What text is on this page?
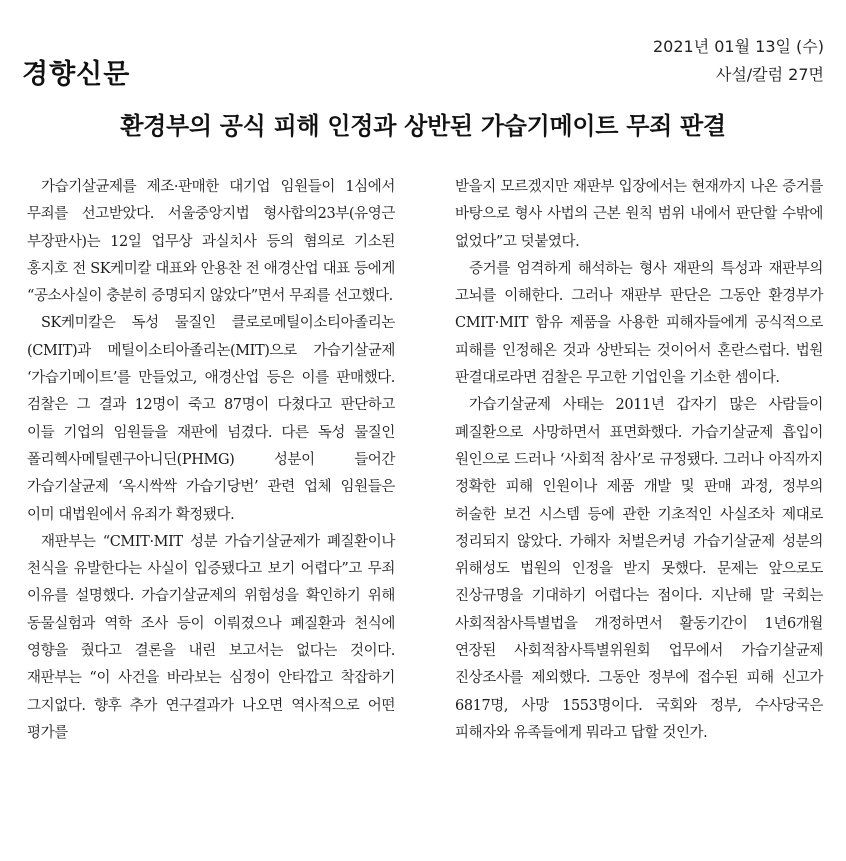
경향신문
2021년 01월 13일 (수)
사설/칼럼 27면
환경부의 공식 피해 인정과 상반된 가습기메이트 무죄 판결

가습기살균제를 제조·판매한 대기업 임원들이 1심에서 무죄를 선고받았다. 서울중앙지법 형사합의23부(유영근 부장판사)는 12일 업무상 과실치사 등의 혐의로 기소된 홍지호 전 SK케미칼 대표와 안용찬 전 애경산업 대표 등에게 “공소사실이 충분히 증명되지 않았다”면서 무죄를 선고했다.

SK케미칼은 독성 물질인 클로로메틸이소티아졸리논(CMIT)과 메틸이소티아졸리논(MIT)으로 가습기살균제 ‘가습기메이트’를 만들었고, 애경산업 등은 이를 판매했다. 검찰은 그 결과 12명이 죽고 87명이 다쳤다고 판단하고 이들 기업의 임원들을 재판에 넘겼다. 다른 독성 물질인 폴리헥사메틸렌구아니딘(PHMG) 성분이 들어간 가습기살균제 ‘옥시싹싹 가습기당번’ 관련 업체 임원들은 이미 대법원에서 유죄가 확정됐다.

재판부는 “CMIT·MIT 성분 가습기살균제가 폐질환이나 천식을 유발한다는 사실이 입증됐다고 보기 어렵다”고 무죄 이유를 설명했다. 가습기살균제의 위험성을 확인하기 위해 동물실험과 역학 조사 등이 이뤄졌으나 폐질환과 천식에 영향을 줬다고 결론을 내린 보고서는 없다는 것이다. 재판부는 “이 사건을 바라보는 심정이 안타깝고 착잡하기 그지없다. 향후 추가 연구결과가 나오면 역사적으로 어떤 평가를

받을지 모르겠지만 재판부 입장에서는 현재까지 나온 증거를 바탕으로 형사 사법의 근본 원칙 범위 내에서 판단할 수밖에 없었다”고 덧붙였다.

증거를 엄격하게 해석하는 형사 재판의 특성과 재판부의 고뇌를 이해한다. 그러나 재판부 판단은 그동안 환경부가 CMIT·MIT 함유 제품을 사용한 피해자들에게 공식적으로 피해를 인정해온 것과 상반되는 것이어서 혼란스럽다. 법원 판결대로라면 검찰은 무고한 기업인을 기소한 셈이다.

가습기살균제 사태는 2011년 갑자기 많은 사람들이 폐질환으로 사망하면서 표면화했다. 가습기살균제 흡입이 원인으로 드러나 ‘사회적 참사’로 규정됐다. 그러나 아직까지 정확한 피해 인원이나 제품 개발 및 판매 과정, 정부의 허술한 보건 시스템 등에 관한 기초적인 사실조차 제대로 정리되지 않았다. 가해자 처벌은커녕 가습기살균제 성분의 위해성도 법원의 인정을 받지 못했다. 문제는 앞으로도 진상규명을 기대하기 어렵다는 점이다. 지난해 말 국회는 사회적참사특별법을 개정하면서 활동기간이 1년6개월 연장된 사회적참사특별위원회 업무에서 가습기살균제 진상조사를 제외했다. 그동안 정부에 접수된 피해 신고가 6817명, 사망 1553명이다. 국회와 정부, 수사당국은 피해자와 유족들에게 뭐라고 답할 것인가.
